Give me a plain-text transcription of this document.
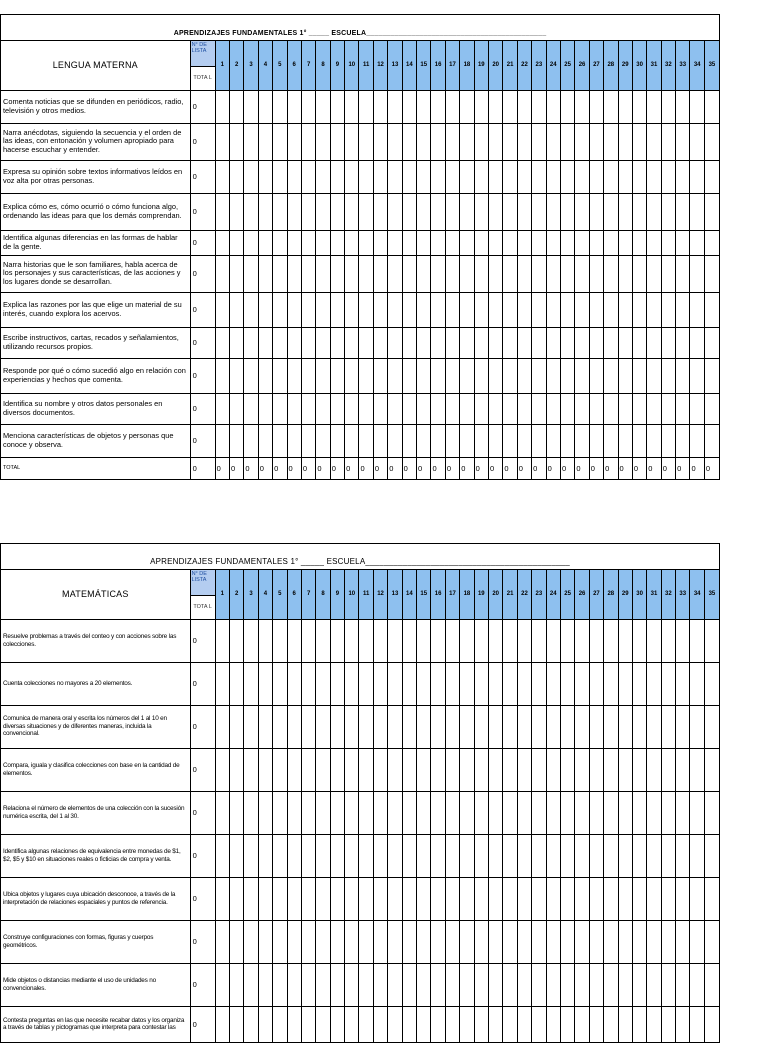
APRENDIZAJES FUNDAMENTALES 1° _____ ESCUELA____________________________________________
LENGUA MATERNA	N° DE LISTA	1	2	3	4	5	6	7	8	9	10	11	12	13	14	15	16	17	18	19	20	21	22	23	24	25	26	27	28	29	30	31	32	33	34	35
	TOTA L																																			

Comenta noticias que se difunden en periódicos, radio, televisión y otros medios.	0																																			

Narra anécdotas, siguiendo la secuencia y el orden de las ideas, con entonación y volumen apropiado para hacerse escuchar y entender.	0																																			

Expresa su opinión sobre textos informativos leídos en voz alta por otras personas.	0																																			

Explica cómo es, cómo ocurrió o cómo funciona algo, ordenando las ideas para que los demás comprendan.	0																																			

Identifica algunas diferencias en las formas de hablar de la gente.	0																																			

Narra historias que le son familiares, habla acerca de los personajes y sus características, de las acciones y los lugares donde se desarrollan.	0																																			

Explica las razones por las que elige un material de su interés, cuando explora los acervos.	0																																			

Escribe instructivos, cartas, recados y señalamientos, utilizando recursos propios.	0																																			

Responde por qué o cómo sucedió algo en relación con experiencias y hechos que comenta.	0																																			

Identifica su nombre y otros datos personales en diversos documentos.	0																																			

Menciona características de objetos y personas que conoce y observa.	0																																			
TOTAL	0	0	0	0	0	0	0	0	0	0	0	0	0	0	0	0	0	0	0	0	0	0	0	0	0	0	0	0	0	0	0	0	0	0	0	0
APRENDIZAJES FUNDAMENTALES 1° _____ ESCUELA____________________________________________
MATEMÁTICAS	N° DE LISTA	1	2	3	4	5	6	7	8	9	10	11	12	13	14	15	16	17	18	19	20	21	22	23	24	25	26	27	28	29	30	31	32	33	34	35
	TOTA L																																			

Resuelve problemas a través del conteo y con acciones sobre las colecciones.	0																																			

Cuenta colecciones no mayores a 20 elementos.	0																																			

Comunica de manera oral y escrita los números del 1 al 10 en diversas situaciones y de diferentes maneras, incluida la convencional.	0																																			

Compara, iguala y clasifica colecciones con base en la cantidad de elementos.	0																																			

Relaciona el número de elementos de una colección con la sucesión numérica escrita, del 1 al 30.	0																																			

Identifica algunas relaciones de equivalencia entre monedas de $1, $2, $5 y $10 en situaciones reales o ficticias de compra y venta.	0																																			

Ubica objetos y lugares cuya ubicación desconoce, a través de la interpretación de relaciones espaciales y puntos de referencia.	0																																			

Construye configuraciones con formas, figuras y cuerpos geométricos.	0																																			

Mide objetos o distancias mediante el uso de unidades no convencionales.	0																																			

Contesta preguntas en las que necesite recabar datos y los organiza a través de tablas y pictogramas que interpreta para contestar las	0																																			
